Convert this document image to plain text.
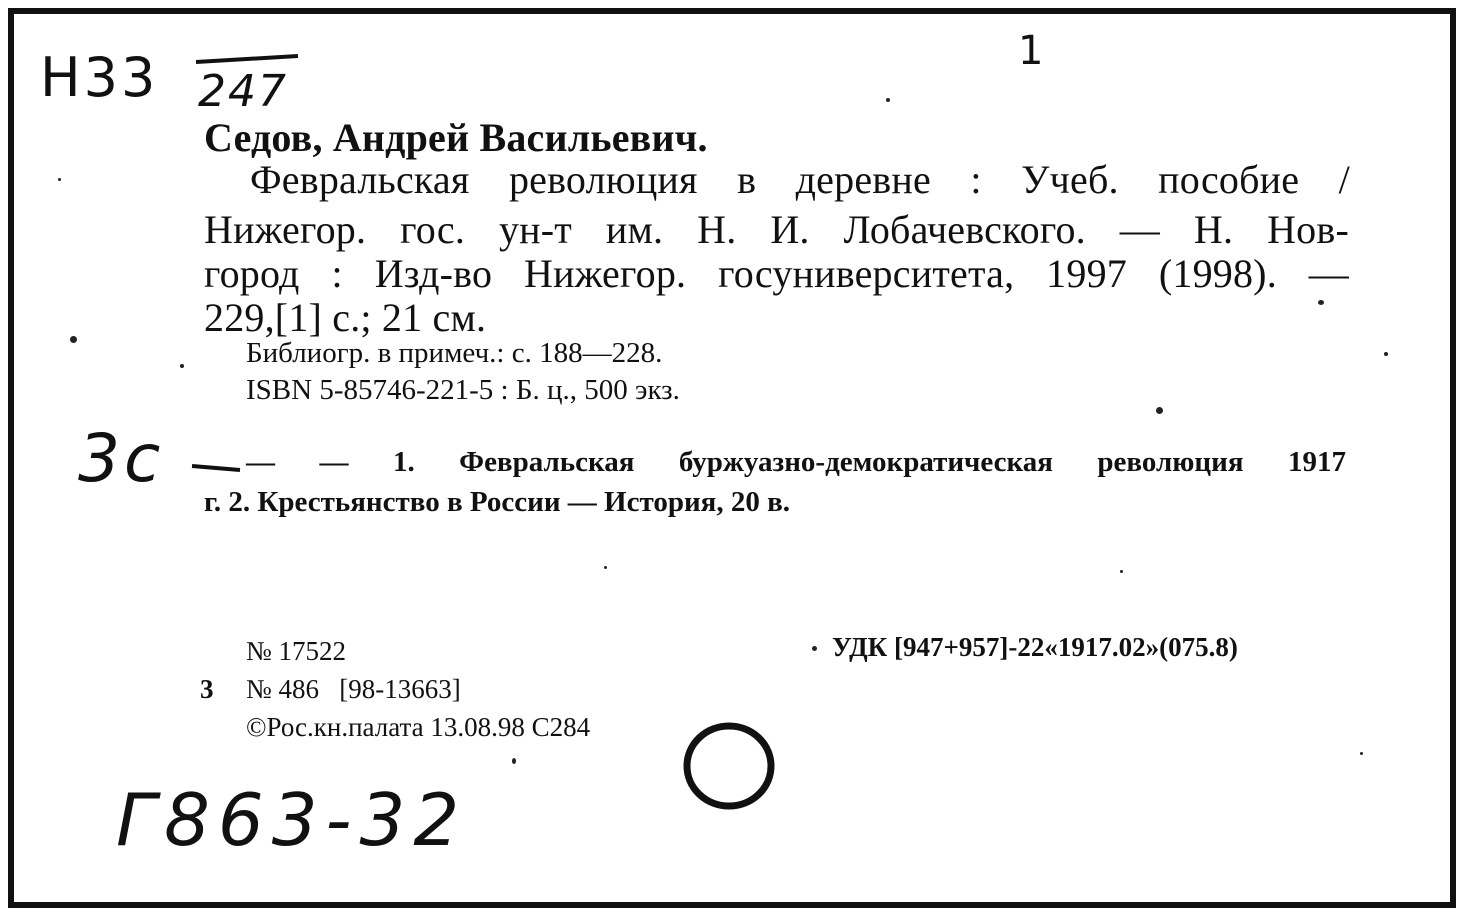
Н33 247
1
3с
Г863-32
Седов, Андрей Васильевич.
Февральская революция в деревне : Учеб. пособие /
Нижегор. гос. ун-т им. Н. И. Лобачевского. — Н. Нов-
город : Изд-во Нижегор. госуниверситета, 1997 (1998). —
229,[1] с.; 21 см.
Библиогр. в примеч.: с. 188—228.
ISBN 5-85746-221-5 : Б. ц., 500 экз.
— — 1. Февральская буржуазно-демократическая революция 1917
г. 2. Крестьянство в России — История, 20 в.
№ 17522
3 № 486   [98-13663]
©Рос.кн.палата 13.08.98 С284
УДК [947+957]-22«1917.02»(075.8)
